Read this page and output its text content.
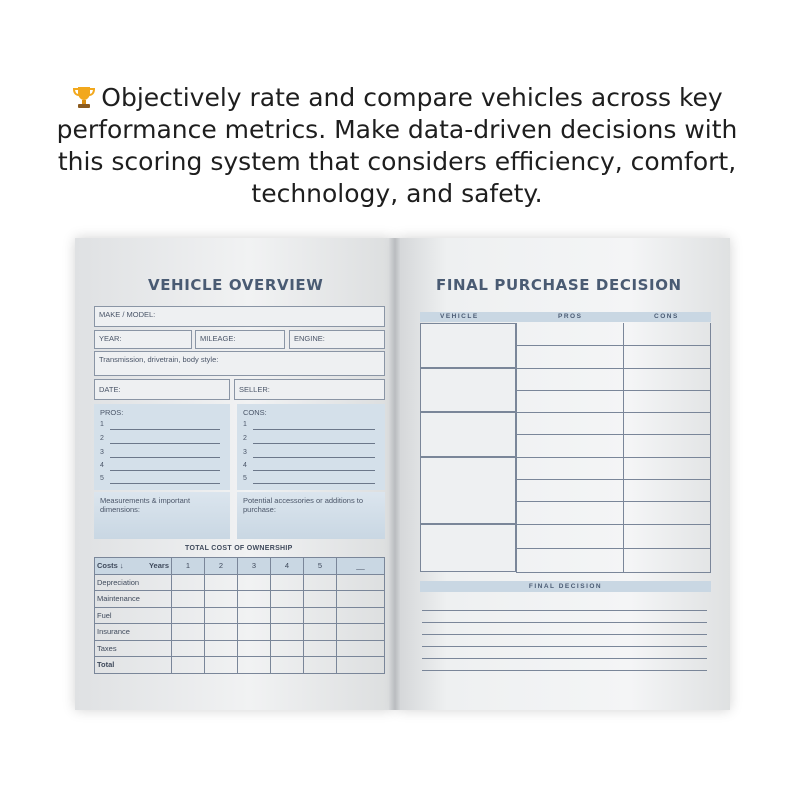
Objectively rate and compare vehicles across key
performance metrics. Make data-driven decisions with
this scoring system that considers efficiency, comfort,
technology, and safety.
VEHICLE OVERVIEW
MAKE / MODEL:
YEAR:	MILEAGE:	ENGINE:
Transmission, drivetrain, body style:
DATE:	SELLER:
PROS:
1
2
3
4
5
CONS:
1
2
3
4
5
Measurements & important dimensions:
Potential accessories or additions to purchase:
TOTAL COST OF OWNERSHIP
Costs ↓ Years	1	2	3	4	5	__
Depreciation						
Maintenance						
Fuel						
Insurance						
Taxes						
Total						
FINAL PURCHASE DECISION
VEHICLE	PROS	CONS
FINAL DECISION
